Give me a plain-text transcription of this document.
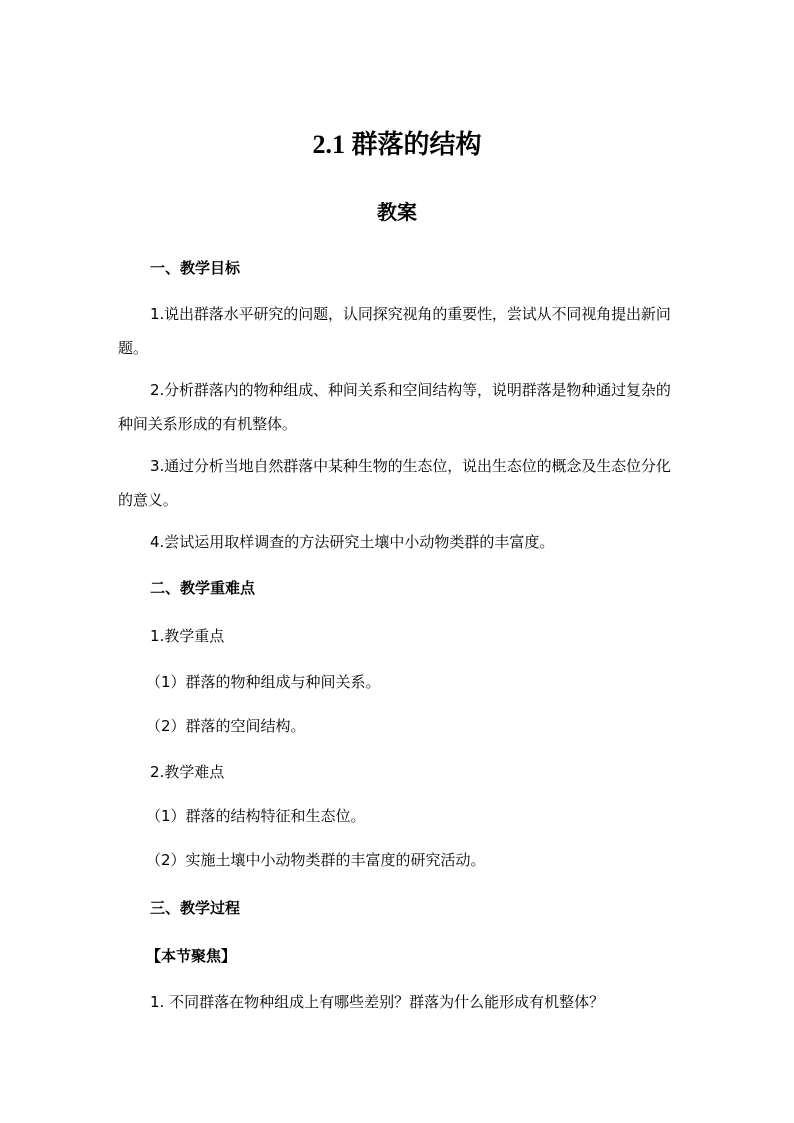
2.1 群落的结构
教案
一、教学目标
1.说出群落水平研究的问题，认同探究视角的重要性，尝试从不同视角提出新问题。
2.分析群落内的物种组成、种间关系和空间结构等，说明群落是物种通过复杂的种间关系形成的有机整体。
3.通过分析当地自然群落中某种生物的生态位，说出生态位的概念及生态位分化的意义。
4.尝试运用取样调查的方法研究土壤中小动物类群的丰富度。
二、教学重难点
1.教学重点
（1）群落的物种组成与种间关系。
（2）群落的空间结构。
2.教学难点
（1）群落的结构特征和生态位。
（2）实施土壤中小动物类群的丰富度的研究活动。
三、教学过程
【本节聚焦】
1. 不同群落在物种组成上有哪些差别？群落为什么能形成有机整体？
